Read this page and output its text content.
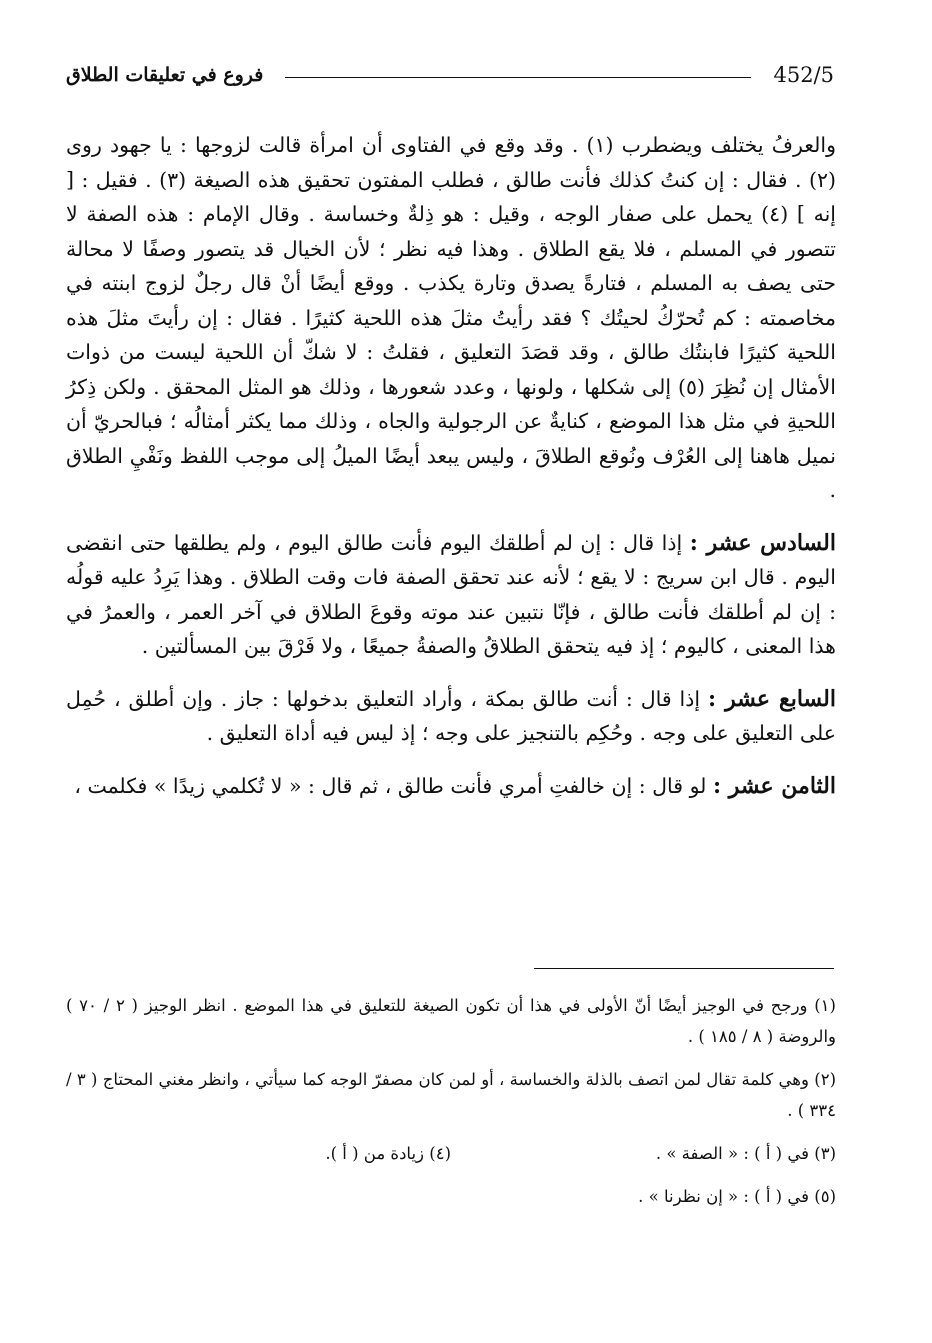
452/5
فروع في تعليقات الطلاق

والعرفُ يختلف ويضطرب (١) . وقد وقع في الفتاوى أن امرأة قالت لزوجها : يا جهود روى (٢) . فقال : إن كنتُ كذلك فأنت طالق ، فطلب المفتون تحقيق هذه الصيغة (٣) . فقيل : [ إنه ] (٤) يحمل على صفار الوجه ، وقيل : هو ذِلةٌ وخساسة . وقال الإمام : هذه الصفة لا تتصور في المسلم ، فلا يقع الطلاق . وهذا فيه نظر ؛ لأن الخيال قد يتصور وصفًا لا محالة حتى يصف به المسلم ، فتارةً يصدق وتارة يكذب . ووقع أيضًا أنْ قال رجلٌ لزوج ابنته في مخاصمته : كم تُحرّكُ لحيتُك ؟ فقد رأيتُ مثلَ هذه اللحية كثيرًا . فقال : إن رأيتَ مثلَ هذه اللحية كثيرًا فابنتُك طالق ، وقد قصَدَ التعليق ، فقلتُ : لا شكّ أن اللحية ليست من ذوات الأمثال إن نُظِرَ (٥) إلى شكلها ، ولونها ، وعدد شعورها ، وذلك هو المثل المحقق . ولكن ذِكرُ اللحيةِ في مثل هذا الموضع ، كنايةٌ عن الرجولية والجاه ، وذلك مما يكثر أمثالُه ؛ فبالحريّ أن نميل هاهنا إلى العُرْف ونُوقع الطلاقَ ، وليس يبعد أيضًا الميلُ إلى موجب اللفظ ونَفْيِ الطلاق .

السادس عشر : إذا قال : إن لم أطلقك اليوم فأنت طالق اليوم ، ولم يطلقها حتى انقضى اليوم . قال ابن سريج : لا يقع ؛ لأنه عند تحقق الصفة فات وقت الطلاق . وهذا يَرِدُ عليه قولُه : إن لم أطلقك فأنت طالق ، فإنّا نتبين عند موته وقوعَ الطلاق في آخر العمر ، والعمرُ في هذا المعنى ، كاليوم ؛ إذ فيه يتحقق الطلاقُ والصفةُ جميعًا ، ولا فَرْقَ بين المسألتين .

السابع عشر : إذا قال : أنت طالق بمكة ، وأراد التعليق بدخولها : جاز . وإن أطلق ، حُمِل على التعليق على وجه . وحُكِم بالتنجيز على وجه ؛ إذ ليس فيه أداة التعليق .

الثامن عشر : لو قال : إن خالفتِ أمري فأنت طالق ، ثم قال : « لا تُكلمي زيدًا » فكلمت ،

(١) ورجح في الوجيز أيضًا أنّ الأولى في هذا أن تكون الصيغة للتعليق في هذا الموضع . انظر الوجيز ( ٢ / ٧٠ ) والروضة ( ٨ / ١٨٥ ) .

(٢) وهي كلمة تقال لمن اتصف بالذلة والخساسة ، أو لمن كان مصفرّ الوجه كما سيأتي ، وانظر مغني المحتاج ( ٣ / ٣٣٤ ) .

(٣) في ( أ ) : « الصفة » .
(٤) زيادة من ( أ ).

(٥) في ( أ ) : « إن نظرنا » .
